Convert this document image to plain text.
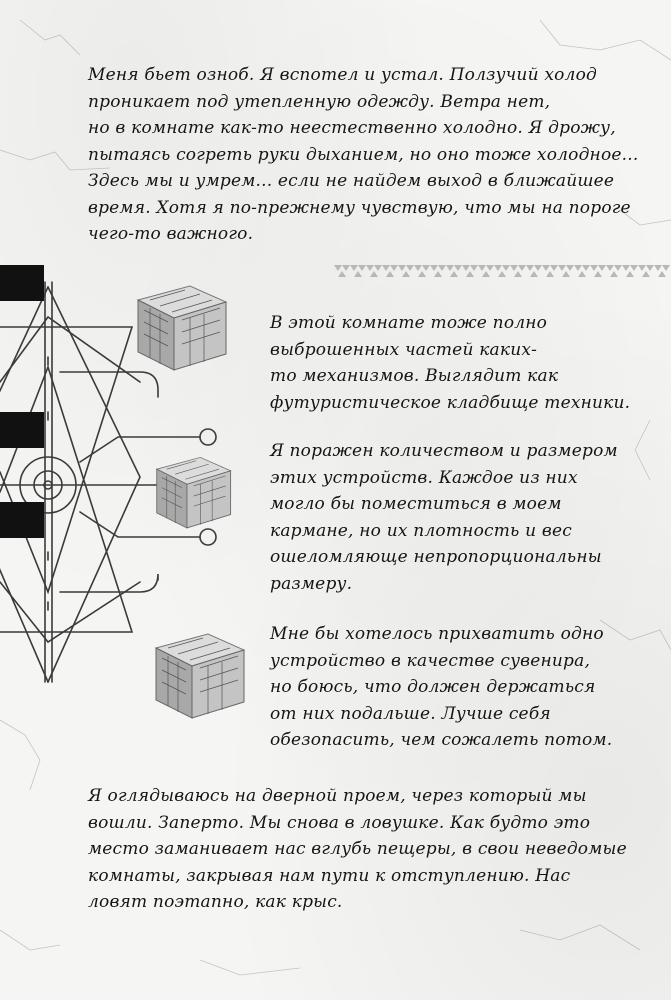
Меня бьет озноб. Я вспотел и устал. Ползучий холод
проникает под утепленную одежду. Ветра нет,
но в комнате как-то неестественно холодно. Я дрожу,
пытаясь согреть руки дыханием, но оно тоже холодное...
Здесь мы и умрем... если не найдем выход в ближайшее
время. Хотя я по-прежнему чувствую, что мы на пороге
чего-то важного.
В этой комнате тоже полно
выброшенных частей каких-
то механизмов. Выглядит как
футуристическое кладбище техники.
Я поражен количеством и размером
этих устройств. Каждое из них
могло бы поместиться в моем
кармане, но их плотность и вес
ошеломляюще непропорциональны
размеру.
Мне бы хотелось прихватить одно
устройство в качестве сувенира,
но боюсь, что должен держаться
от них подальше. Лучше себя
обезопасить, чем сожалеть потом.
Я оглядываюсь на дверной проем, через который мы
вошли. Заперто. Мы снова в ловушке. Как будто это
место заманивает нас вглубь пещеры, в свои неведомые
комнаты, закрывая нам пути к отступлению. Нас
ловят поэтапно, как крыс.
